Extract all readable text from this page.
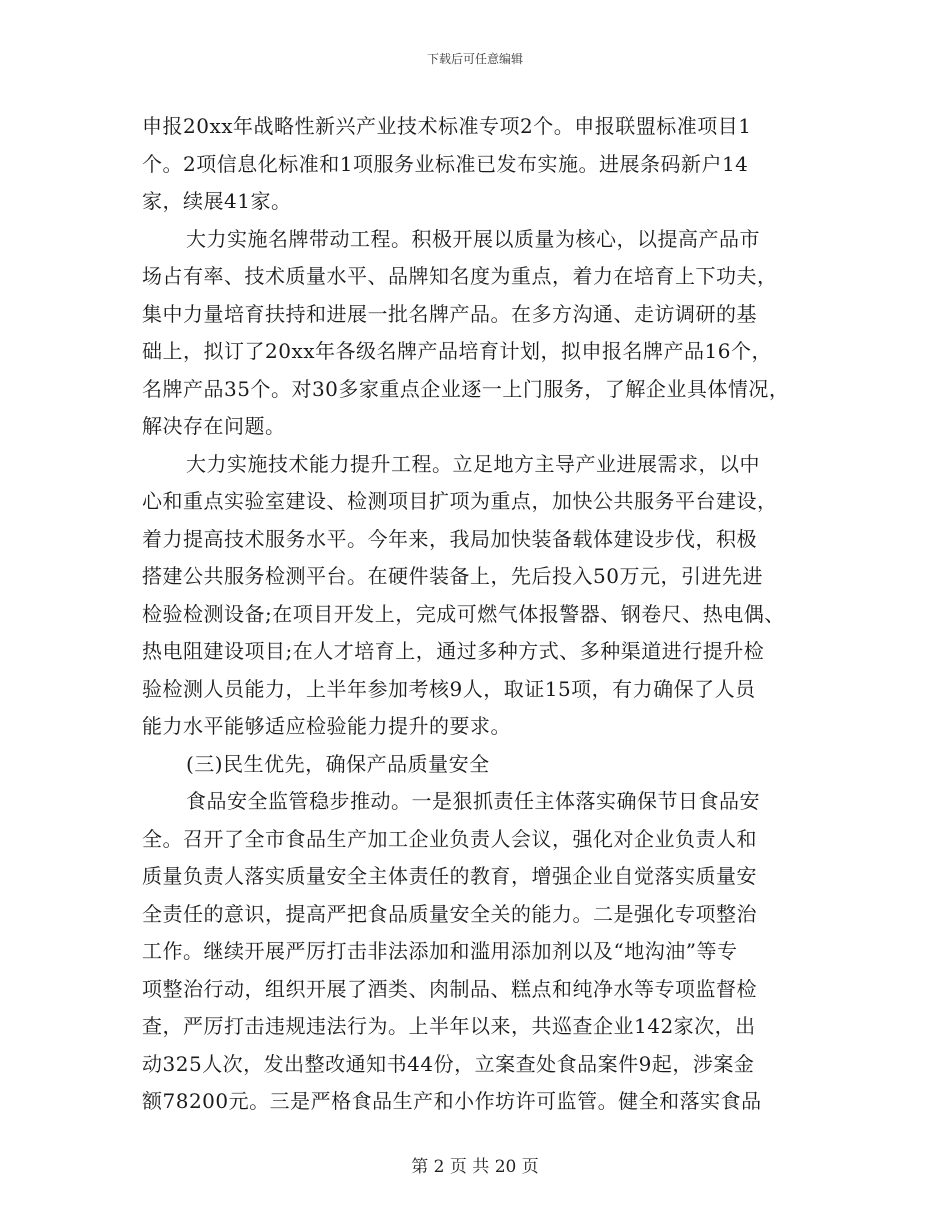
下载后可任意编辑
申报20xx年战略性新兴产业技术标准专项2个。申报联盟标准项目1
个。2项信息化标准和1项服务业标准已发布实施。进展条码新户14
家，续展41家。
大力实施名牌带动工程。积极开展以质量为核心，以提高产品市
场占有率、技术质量水平、品牌知名度为重点，着力在培育上下功夫，
集中力量培育扶持和进展一批名牌产品。在多方沟通、走访调研的基
础上，拟订了20xx年各级名牌产品培育计划，拟申报名牌产品16个，
名牌产品35个。对30多家重点企业逐一上门服务，了解企业具体情况，
解决存在问题。
大力实施技术能力提升工程。立足地方主导产业进展需求，以中
心和重点实验室建设、检测项目扩项为重点，加快公共服务平台建设，
着力提高技术服务水平。今年来，我局加快装备载体建设步伐，积极
搭建公共服务检测平台。在硬件装备上，先后投入50万元，引进先进
检验检测设备;在项目开发上，完成可燃气体报警器、钢卷尺、热电偶、
热电阻建设项目;在人才培育上，通过多种方式、多种渠道进行提升检
验检测人员能力，上半年参加考核9人，取证15项，有力确保了人员
能力水平能够适应检验能力提升的要求。
(三)民生优先，确保产品质量安全
食品安全监管稳步推动。一是狠抓责任主体落实确保节日食品安
全。召开了全市食品生产加工企业负责人会议，强化对企业负责人和
质量负责人落实质量安全主体责任的教育，增强企业自觉落实质量安
全责任的意识，提高严把食品质量安全关的能力。二是强化专项整治
工作。继续开展严厉打击非法添加和滥用添加剂以及“地沟油”等专
项整治行动，组织开展了酒类、肉制品、糕点和纯净水等专项监督检
查，严厉打击违规违法行为。上半年以来，共巡查企业142家次，出
动325人次，发出整改通知书44份，立案查处食品案件9起，涉案金
额78200元。三是严格食品生产和小作坊许可监管。健全和落实食品
第 2 页 共 20 页
